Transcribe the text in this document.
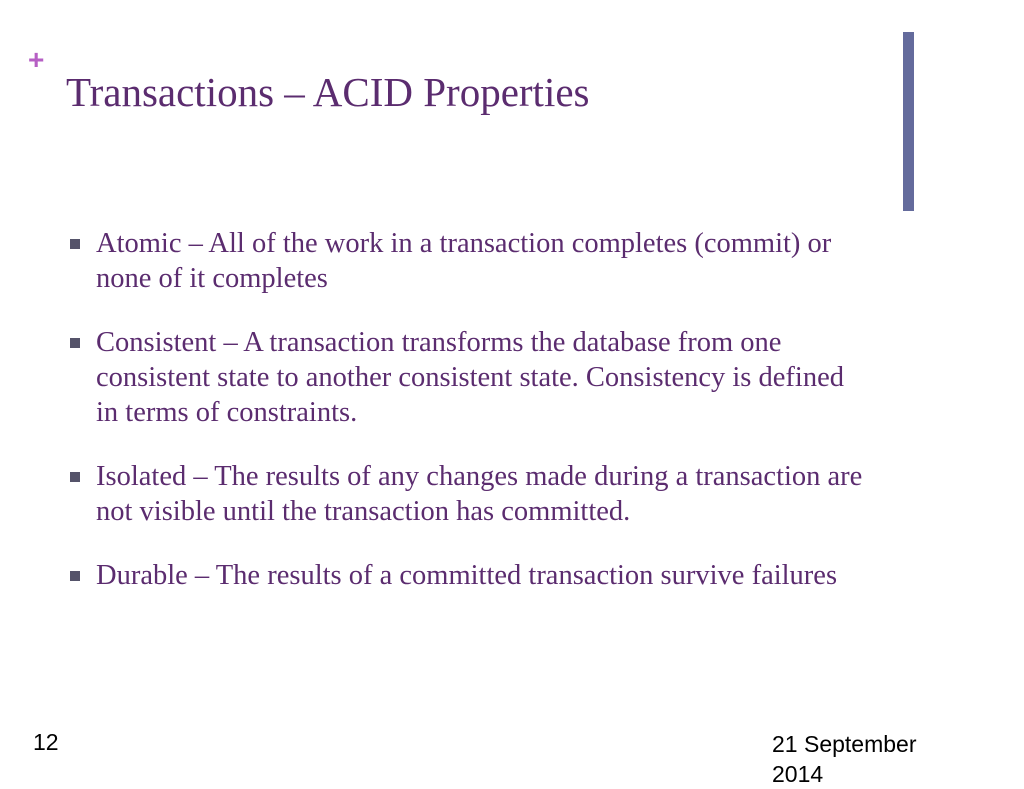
+
Transactions – ACID Properties
Atomic – All of the work in a transaction completes (commit) or none of it completes
Consistent – A transaction transforms the database from one consistent state to another consistent state. Consistency is defined in terms of constraints.
Isolated – The results of any changes made during a transaction are not visible until the transaction has committed.
Durable – The results of a committed transaction survive failures
12	21 September 2014
